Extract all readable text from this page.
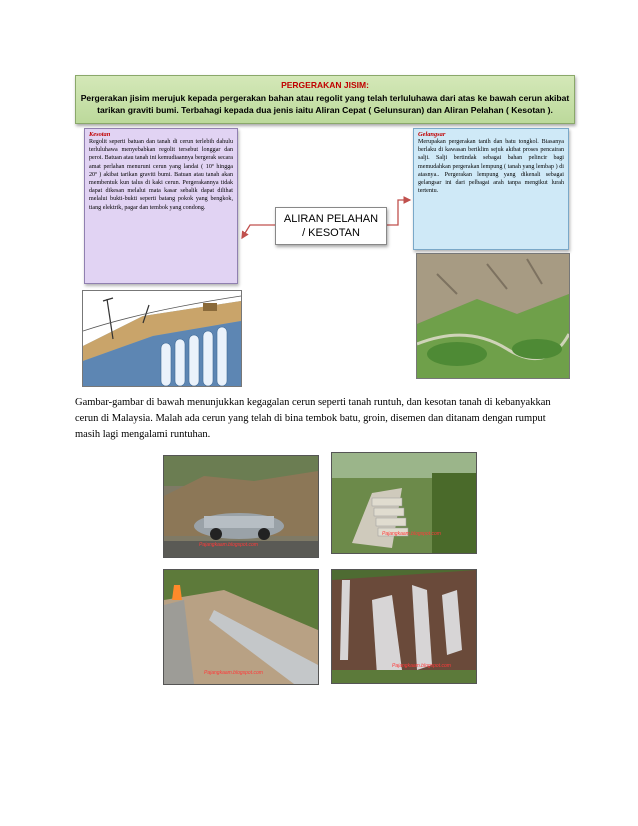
PERGERAKAN JISIM:
Pergerakan jisim merujuk kepada pergerakan bahan atau regolit yang telah terluluhawa dari atas ke bawah cerun akibat tarikan graviti bumi. Terbahagi kepada dua jenis iaitu Aliran Cepat ( Gelunsuran) dan Aliran Pelahan ( Kesotan ).
Kesotan
Regolit seperti batuan dan tanah di cerun terlebih dahulu terluluhawa menyebabkan regolit tersebut longgar dan peroi. Batuan atau tanah ini kemudiaannya bergerak secara amat perlahan menuruni cerun yang landai ( 10º hingga 20º ) akibat tarikan graviti bumi. Batuan atau tanah akan membentuk kun talus di kaki cerun. Pergerakannya tidak dapat dikesan melalui mata kasar sebalik dapat dilihat melalui bukti-bukti seperti batang pokok yang bengkok, tiang elektrik, pagar dan tembok yang condong.
Gelangsar
Merupakan pergerakan tanih dan batu tongkol. Biasanya berlaku di kawasan beriklim sejuk akibat proses pencairan salji. Salji bertindak sebagai bahan pelincir bagi memudahkan pergerakan lempung ( tanah yang lembap ) di atasnya.. Pergerakan lempung yang dikenali sebagai gelangsar ini dari pelbagai arah tanpa mengikut lurah tertentu.
ALIRAN PELAHAN
/ KESOTAN
Gambar-gambar di bawah menunjukkan kegagalan cerun seperti tanah runtuh, dan kesotan tanah di kebanyakkan cerun di Malaysia. Malah ada cerun yang telah di bina tembok batu, groin, disemen dan ditanam dengan rumput masih lagi mengalami runtuhan.
Pajangkaam.blogspot.com
Pajangkaam.blogspot.com
Pajangkaam.blogspot.com
Pajangkaam.blogspot.com
